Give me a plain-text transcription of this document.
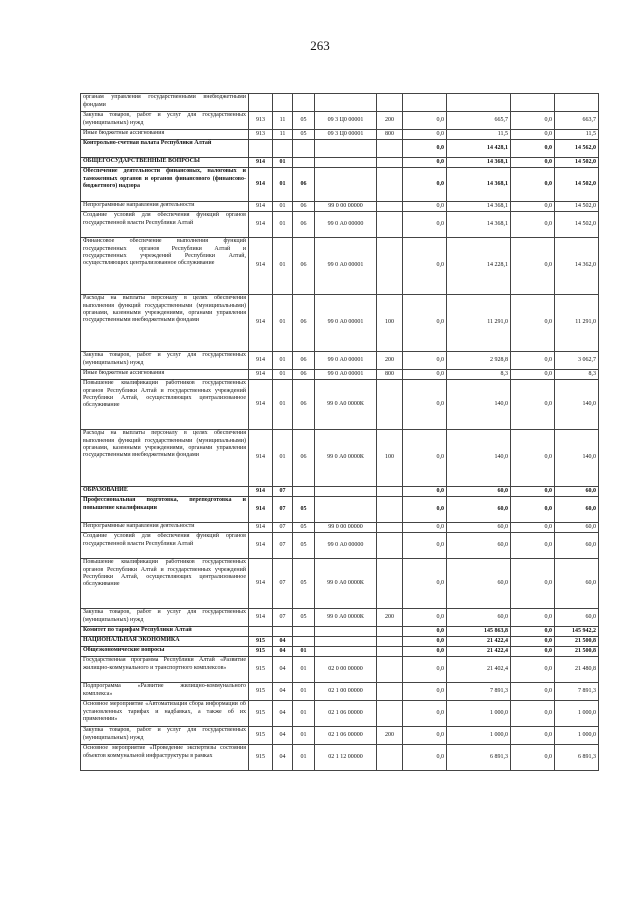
263
органам управления государственными внебюджетными фондами									
Закупка товаров, работ и услуг для государственных (муниципальных) нужд	913	11	05	09 3 Ц0 00001	200	0,0	665,7	0,0	663,7
Иные бюджетные ассигнования	913	11	05	09 3 Ц0 00001	800	0,0	11,5	0,0	11,5
Контрольно-счетная палата Республики Алтай						0,0	14 428,1	0,0	14 562,0
ОБЩЕГОСУДАРСТВЕННЫЕ ВОПРОСЫ	914	01				0,0	14 368,1	0,0	14 502,0
Обеспечение деятельности финансовых, налоговых и таможенных органов и органов финансового (финансово-бюджетного) надзора	914	01	06			0,0	14 368,1	0,0	14 502,0
Непрограммные направления деятельности	914	01	06	99 0 00 00000		0,0	14 368,1	0,0	14 502,0
Создание условий для обеспечения функций органов государственной власти Республики Алтай	914	01	06	99 0 А0 00000		0,0	14 368,1	0,0	14 502,0
Финансовое обеспечение выполнения функций государственных органов Республики Алтай и государственных учреждений Республики Алтай, осуществляющих централизованное обслуживание	914	01	06	99 0 А0 00001		0,0	14 228,1	0,0	14 362,0
Расходы на выплаты персоналу в целях обеспечения выполнения функций государственными (муниципальными) органами, казенными учреждениями, органами управления государственными внебюджетными фондами	914	01	06	99 0 А0 00001	100	0,0	11 291,0	0,0	11 291,0
Закупка товаров, работ и услуг для государственных (муниципальных) нужд	914	01	06	99 0 А0 00001	200	0,0	2 928,8	0,0	3 062,7
Иные бюджетные ассигнования	914	01	06	99 0 А0 00001	800	0,0	8,3	0,0	8,3
Повышение квалификации работников государственных органов Республики Алтай и государственных учреждений Республики Алтай, осуществляющих централизованное обслуживание	914	01	06	99 0 А0 0000К		0,0	140,0	0,0	140,0
Расходы на выплаты персоналу в целях обеспечения выполнения функций государственными (муниципальными) органами, казенными учреждениями, органами управления государственными внебюджетными фондами	914	01	06	99 0 А0 0000К	100	0,0	140,0	0,0	140,0
ОБРАЗОВАНИЕ	914	07				0,0	60,0	0,0	60,0
Профессиональная подготовка, переподготовка и повышение квалификации	914	07	05			0,0	60,0	0,0	60,0
Непрограммные направления деятельности	914	07	05	99 0 00 00000		0,0	60,0	0,0	60,0
Создание условий для обеспечения функций органов государственной власти Республики Алтай	914	07	05	99 0 А0 00000		0,0	60,0	0,0	60,0
Повышение квалификации работников государственных органов Республики Алтай и государственных учреждений Республики Алтай, осуществляющих централизованное обслуживание	914	07	05	99 0 А0 0000К		0,0	60,0	0,0	60,0
Закупка товаров, работ и услуг для государственных (муниципальных) нужд	914	07	05	99 0 А0 0000К	200	0,0	60,0	0,0	60,0
Комитет по тарифам Республики Алтай						0,0	145 863,8	0,0	145 942,2
НАЦИОНАЛЬНАЯ ЭКОНОМИКА	915	04				0,0	21 422,4	0,0	21 500,8
Общеэкономические вопросы	915	04	01			0,0	21 422,4	0,0	21 500,8
Государственная программа Республики Алтай «Развитие жилищно-коммунального и транспортного комплексов»	915	04	01	02 0 00 00000		0,0	21 402,4	0,0	21 480,8
Подпрограмма «Развитие жилищно-коммунального комплекса»	915	04	01	02 1 00 00000		0,0	7 891,3	0,0	7 891,3
Основное мероприятие «Автоматизация сбора информации об установленных тарифах и надбавках, а также об их применении»	915	04	01	02 1 06 00000		0,0	1 000,0	0,0	1 000,0
Закупка товаров, работ и услуг для государственных (муниципальных) нужд	915	04	01	02 1 06 00000	200	0,0	1 000,0	0,0	1 000,0
Основное мероприятие «Проведение экспертизы состояния объектов коммунальной инфраструктуры в рамках	915	04	01	02 1 12 00000		0,0	6 891,3	0,0	6 891,3
